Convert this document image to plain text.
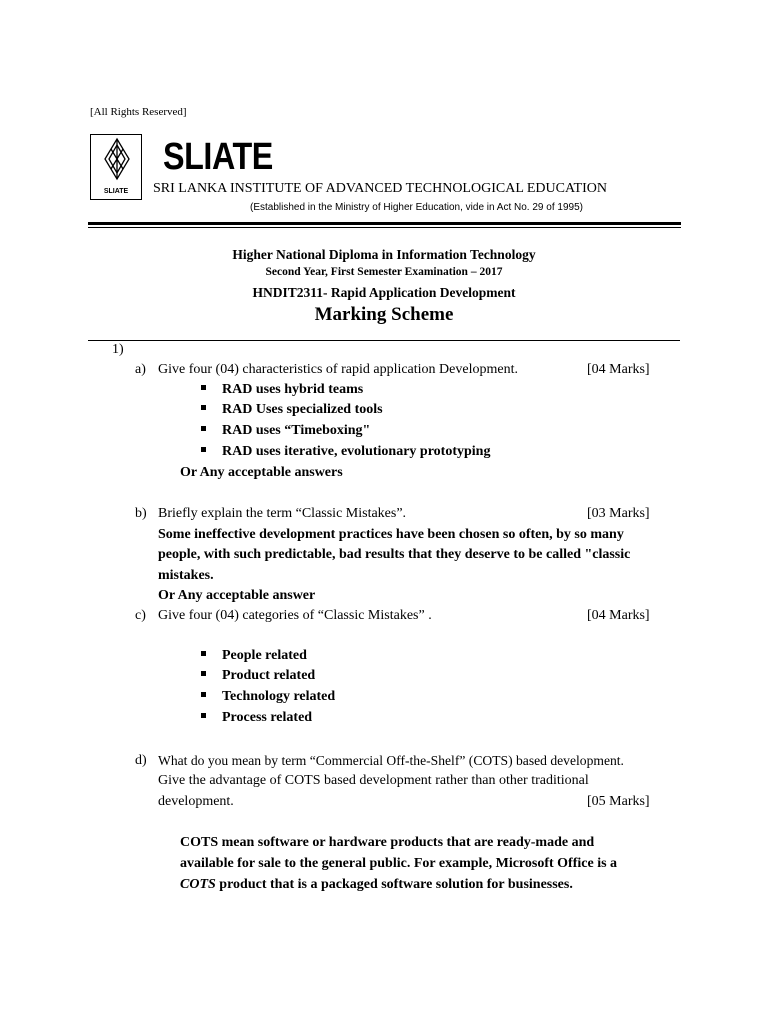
[All Rights Reserved]
SLIATE
SLIATE
SRI LANKA INSTITUTE OF ADVANCED TECHNOLOGICAL EDUCATION
(Established in the Ministry of Higher Education, vide in Act No. 29 of 1995)
Higher National Diploma in Information Technology
Second Year, First Semester Examination – 2017
HNDIT2311- Rapid Application Development
Marking Scheme
1)
a) Give four (04) characteristics of rapid application Development.	[04 Marks]
RAD uses hybrid teams
RAD Uses specialized tools
RAD uses “Timeboxing"
RAD uses iterative, evolutionary prototyping
Or Any acceptable answers
b) Briefly explain the term “Classic Mistakes”.	[03 Marks]
Some ineffective development practices have been chosen so often, by so many
people, with such predictable, bad results that they deserve to be called "classic
mistakes.
Or Any acceptable answer
c) Give four (04) categories of “Classic Mistakes” .	[04 Marks]
People related
Product related
Technology related
Process related
d) What do you mean by term “Commercial Off-the-Shelf” (COTS) based development.
Give the advantage of COTS based development rather than other traditional
development.	[05 Marks]
COTS mean software or hardware products that are ready-made and
available for sale to the general public. For example, Microsoft Office is a
COTS product that is a packaged software solution for businesses.
